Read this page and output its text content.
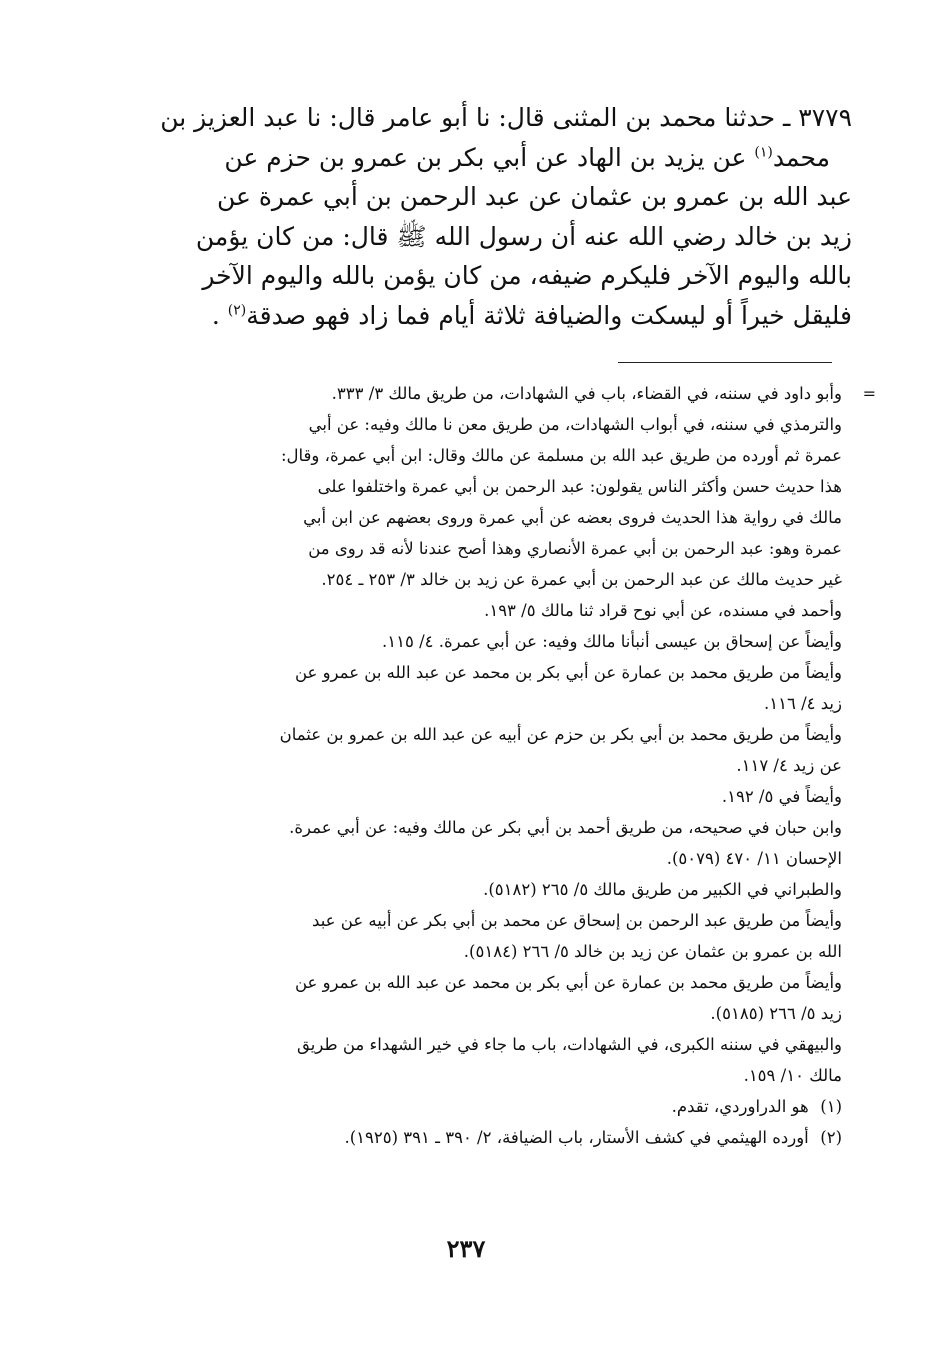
٣٧٧٩ ـ حدثنا محمد بن المثنى قال: نا أبو عامر قال: نا عبد العزيز بن
محمد$^{(١)}$ عن يزيد بن الهاد عن أبي بكر بن عمرو بن حزم عن
عبد الله بن عمرو بن عثمان عن عبد الرحمن بن أبي عمرة عن
زيد بن خالد رضي الله عنه أن رسول الله ﷺ قال: من كان يؤمن
بالله واليوم الآخر فليكرم ضيفه، من كان يؤمن بالله واليوم الآخر
فليقل خيراً أو ليسكت والضيافة ثلاثة أيام فما زاد فهو صدقة$^{(٢)}$ .
=
وأبو داود في سننه، في القضاء، باب في الشهادات، من طريق مالك ٣/ ٣٣٣.
والترمذي في سننه، في أبواب الشهادات، من طريق معن نا مالك وفيه: عن أبي
عمرة ثم أورده من طريق عبد الله بن مسلمة عن مالك وقال: ابن أبي عمرة، وقال:
هذا حديث حسن وأكثر الناس يقولون: عبد الرحمن بن أبي عمرة واختلفوا على
مالك في رواية هذا الحديث فروى بعضه عن أبي عمرة وروى بعضهم عن ابن أبي
عمرة وهو: عبد الرحمن بن أبي عمرة الأنصاري وهذا أصح عندنا لأنه قد روى من
غير حديث مالك عن عبد الرحمن بن أبي عمرة عن زيد بن خالد ٣/ ٢٥٣ ـ ٢٥٤.
وأحمد في مسنده، عن أبي نوح قراد ثنا مالك ٥/ ١٩٣.
وأيضاً عن إسحاق بن عيسى أنبأنا مالك وفيه: عن أبي عمرة. ٤/ ١١٥.
وأيضاً من طريق محمد بن عمارة عن أبي بكر بن محمد عن عبد الله بن عمرو عن
زيد ٤/ ١١٦.
وأيضاً من طريق محمد بن أبي بكر بن حزم عن أبيه عن عبد الله بن عمرو بن عثمان
عن زيد ٤/ ١١٧.
وأيضاً في ٥/ ١٩٢.
وابن حبان في صحيحه، من طريق أحمد بن أبي بكر عن مالك وفيه: عن أبي عمرة.
الإحسان ١١/ ٤٧٠ (٥٠٧٩).
والطبراني في الكبير من طريق مالك ٥/ ٢٦٥ (٥١٨٢).
وأيضاً من طريق عبد الرحمن بن إسحاق عن محمد بن أبي بكر عن أبيه عن عبد
الله بن عمرو بن عثمان عن زيد بن خالد ٥/ ٢٦٦ (٥١٨٤).
وأيضاً من طريق محمد بن عمارة عن أبي بكر بن محمد عن عبد الله بن عمرو عن
زيد ٥/ ٢٦٦ (٥١٨٥).
والبيهقي في سننه الكبرى، في الشهادات، باب ما جاء في خير الشهداء من طريق
مالك ١٠/ ١٥٩.
(١) هو الدراوردي، تقدم.
(٢) أورده الهيثمي في كشف الأستار، باب الضيافة، ٢/ ٣٩٠ ـ ٣٩١ (١٩٢٥).
٢٣٧
